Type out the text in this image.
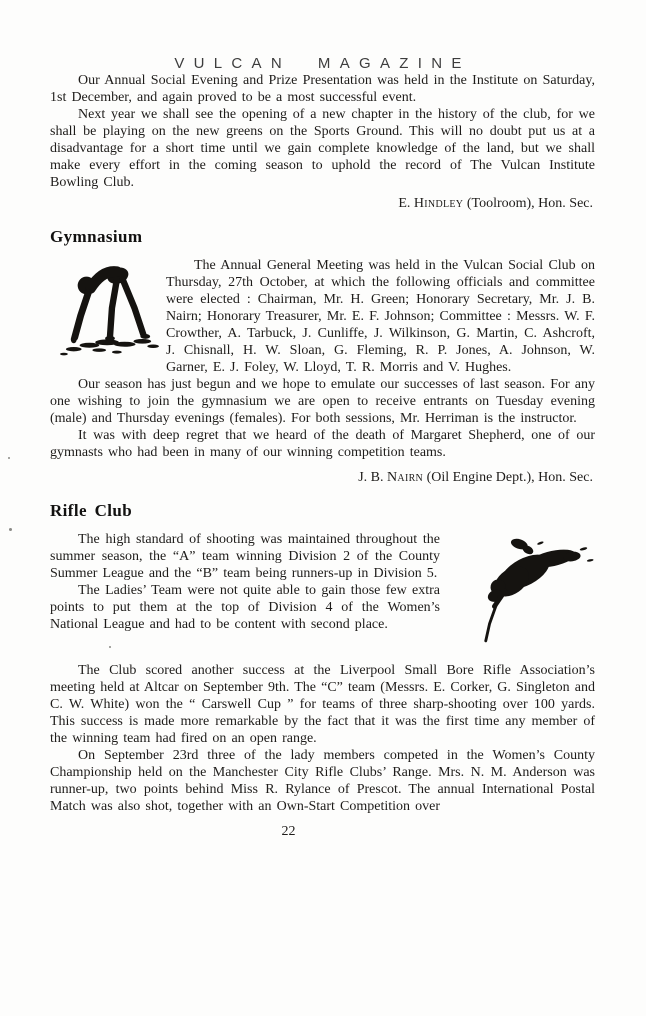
VULCAN MAGAZINE

Our Annual Social Evening and Prize Presentation was held in the Institute on Saturday, 1st December, and again proved to be a most successful event.

Next year we shall see the opening of a new chapter in the history of the club, for we shall be playing on the new greens on the Sports Ground. This will no doubt put us at a disadvantage for a short time until we gain complete knowledge of the land, but we shall make every effort in the coming season to uphold the record of The Vulcan Institute Bowling Club.

E. Hindley (Toolroom), Hon. Sec.

Gymnasium

The Annual General Meeting was held in the Vulcan Social Club on Thursday, 27th October, at which the following officials and committee were elected : Chairman, Mr. H. Green; Honorary Secretary, Mr. J. B. Nairn; Honorary Treasurer, Mr. E. F. Johnson; Committee : Messrs. W. F. Crowther, A. Tarbuck, J. Cunliffe, J. Wilkinson, G. Martin, C. Ashcroft, J. Chisnall, H. W. Sloan, G. Fleming, R. P. Jones, A. Johnson, W. Garner, E. J. Foley, W. Lloyd, T. R. Morris and V. Hughes.

Our season has just begun and we hope to emulate our successes of last season. For any one wishing to join the gymnasium we are open to receive entrants on Tuesday evening (male) and Thursday evenings (females). For both sessions, Mr. Herriman is the instructor.

It was with deep regret that we heard of the death of Margaret Shepherd, one of our gymnasts who had been in many of our winning competition teams.

J. B. Nairn (Oil Engine Dept.), Hon. Sec.

Rifle Club

The high standard of shooting was maintained throughout the summer season, the “A” team winning Division 2 of the County Summer League and the “B” team being runners-up in Division 5.

The Ladies’ Team were not quite able to gain those few extra points to put them at the top of Division 4 of the Women’s National League and had to be content with second place.

The Club scored another success at the Liverpool Small Bore Rifle Association’s meeting held at Altcar on September 9th. The “C” team (Messrs. E. Corker, G. Singleton and C. W. White) won the “ Carswell Cup ” for teams of three sharp-shooting over 100 yards. This success is made more remarkable by the fact that it was the first time any member of the winning team had fired on an open range.

On September 23rd three of the lady members competed in the Women’s County Championship held on the Manchester City Rifle Clubs’ Range. Mrs. N. M. Anderson was runner-up, two points behind Miss R. Rylance of Prescot. The annual International Postal Match was also shot, together with an Own-Start Competition over

22
